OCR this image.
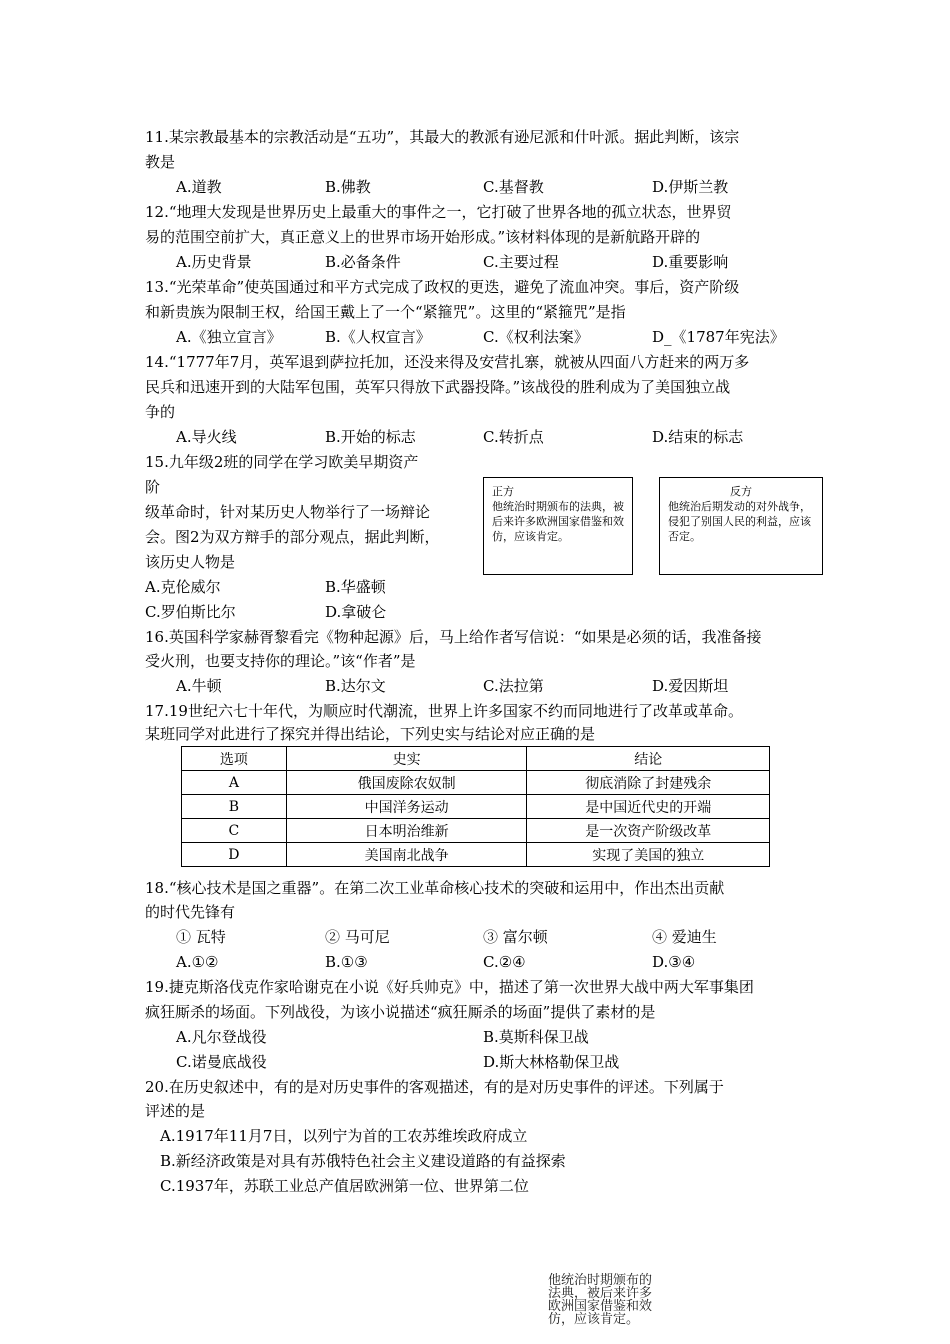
11.某宗教最基本的宗教活动是“五功”，其最大的教派有逊尼派和什叶派。据此判断，该宗
教是
A.道教	B.佛教	C.基督教	D.伊斯兰教
12.“地理大发现是世界历史上最重大的事件之一，它打破了世界各地的孤立状态，世界贸
易的范围空前扩大，真正意义上的世界市场开始形成。”该材料体现的是新航路开辟的
A.历史背景	B.必备条件	C.主要过程	D.重要影响
13.“光荣革命”使英国通过和平方式完成了政权的更迭，避免了流血冲突。事后，资产阶级
和新贵族为限制王权，给国王戴上了一个“紧箍咒”。这里的“紧箍咒”是指
A.《独立宣言》	B.《人权宣言》	C.《权利法案》	D_《1787年宪法》
14.“1777年7月，英军退到萨拉托加，还没来得及安营扎寨，就被从四面八方赶来的两万多
民兵和迅速开到的大陆军包围，英军只得放下武器投降。”该战役的胜利成为了美国独立战
争的
A.导火线	B.开始的标志	C.转折点	D.结束的标志
15.九年级2班的同学在学习欧美早期资产
阶
级革命时，针对某历史人物举行了一场辩论
会。图2为双方辩手的部分观点，据此判断，
该历史人物是
A.克伦威尔	B.华盛顿
C.罗伯斯比尔	D.拿破仑
正方
他统治时期颁布的法典，被后来许多欧洲国家借鉴和效仿，应该肯定。
反方
他统治后期发动的对外战争，侵犯了别国人民的利益，应该否定。
16.英国科学家赫胥黎看完《物种起源》后，马上给作者写信说：“如果是必须的话，我准备接
受火刑，也要支持你的理论。”该“作者”是
A.牛顿	B.达尔文	C.法拉第	D.爱因斯坦
17.19世纪六七十年代，为顺应时代潮流，世界上许多国家不约而同地进行了改革或革命。
某班同学对此进行了探究并得出结论，下列史实与结论对应正确的是
选项	史实	结论
A	俄国废除农奴制	彻底消除了封建残余
B	中国洋务运动	是中国近代史的开端
C	日本明治维新	是一次资产阶级改革
D	美国南北战争	实现了美国的独立
18.“核心技术是国之重器”。在第二次工业革命核心技术的突破和运用中，作出杰出贡献
的时代先锋有
① 瓦特	② 马可尼	③ 富尔顿	④ 爱迪生
A.①②	B.①③	C.②④	D.③④
19.捷克斯洛伐克作家哈谢克在小说《好兵帅克》中，描述了第一次世界大战中两大军事集团
疯狂厮杀的场面。下列战役，为该小说描述“疯狂厮杀的场面”提供了素材的是
A.凡尔登战役	B.莫斯科保卫战
C.诺曼底战役	D.斯大林格勒保卫战
20.在历史叙述中，有的是对历史事件的客观描述，有的是对历史事件的评述。下列属于
评述的是
A.1917年11月7日，以列宁为首的工农苏维埃政府成立
B.新经济政策是对具有苏俄特色社会主义建设道路的有益探索
C.1937年，苏联工业总产值居欧洲第一位、世界第二位
他统治时期颁布的
法典，被后来许多
欧洲国家借鉴和效
仿，应该肯定。
